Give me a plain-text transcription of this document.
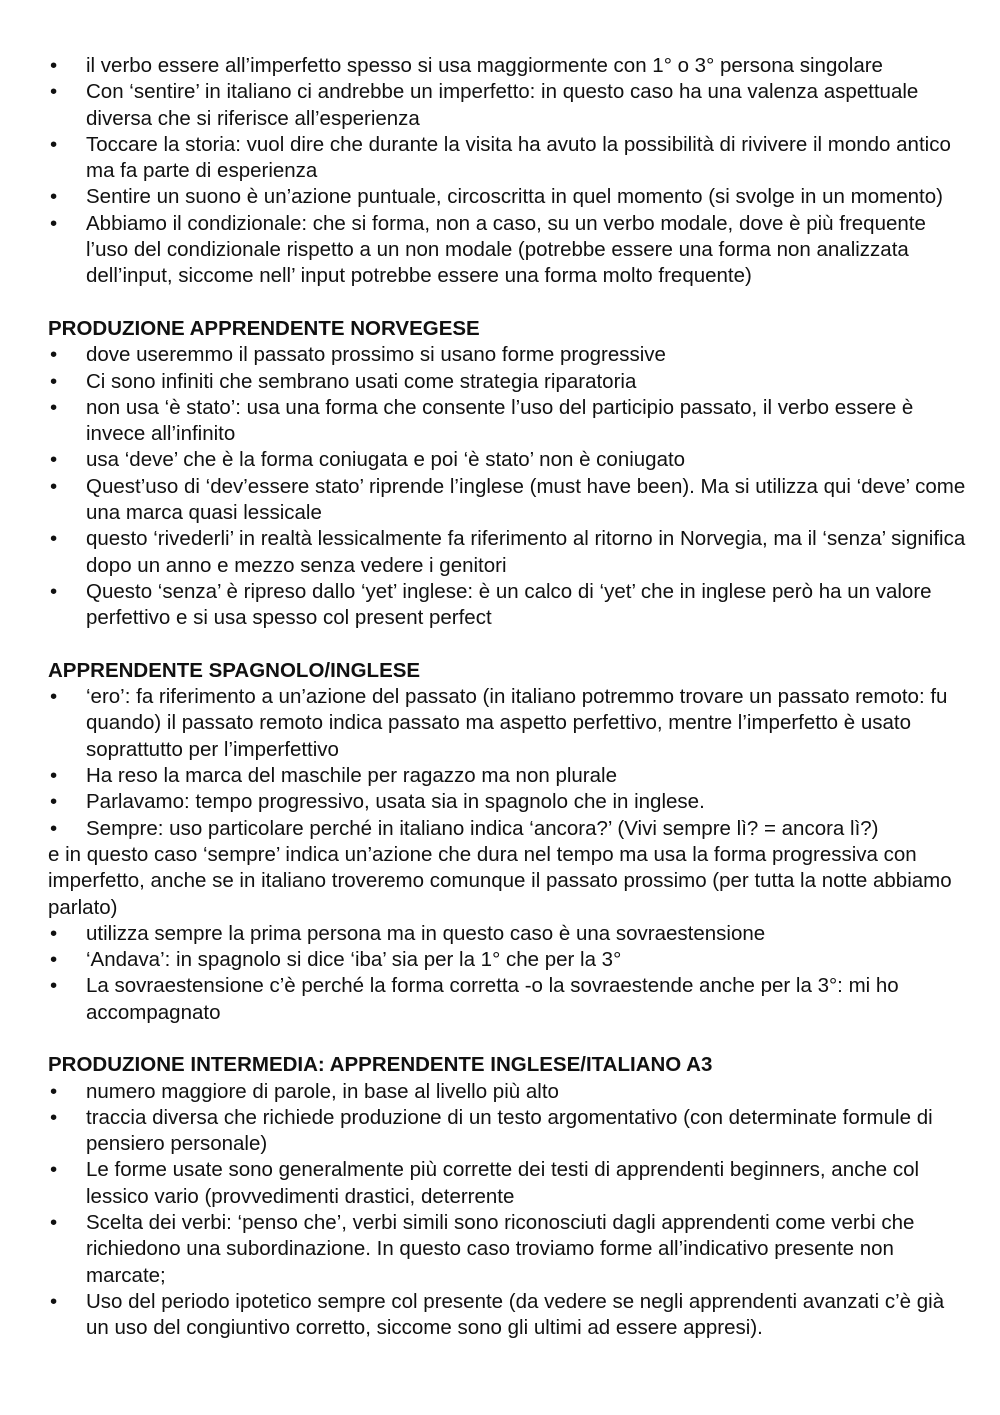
• il verbo essere all’imperfetto spesso si usa maggiormente con 1° o 3° persona singolare
• Con ‘sentire’ in italiano ci andrebbe un imperfetto: in questo caso ha una valenza aspettuale diversa che si riferisce all’esperienza
• Toccare la storia: vuol dire che durante la visita ha avuto la possibilità di rivivere il mondo antico ma fa parte di esperienza
• Sentire un suono è un’azione puntuale, circoscritta in quel momento (si svolge in un momento)
• Abbiamo il condizionale: che si forma, non a caso, su un verbo modale, dove è più frequente l’uso del condizionale rispetto a un non modale (potrebbe essere una forma non analizzata dell’input, siccome nell’ input potrebbe essere una forma molto frequente)

PRODUZIONE APPRENDENTE NORVEGESE

• dove useremmo il passato prossimo si usano forme progressive
• Ci sono infiniti che sembrano usati come strategia riparatoria
• non usa ‘è stato’: usa una forma che consente l’uso del participio passato, il verbo essere è invece all’infinito
• usa ‘deve’ che è la forma coniugata e poi ‘è stato’ non è coniugato
• Quest’uso di ‘dev’essere stato’ riprende l’inglese (must have been). Ma si utilizza qui ‘deve’ come una marca quasi lessicale
• questo ‘rivederli’ in realtà lessicalmente fa riferimento al ritorno in Norvegia, ma il ‘senza’ significa dopo un anno e mezzo senza vedere i genitori
• Questo ‘senza’ è ripreso dallo ‘yet’ inglese: è un calco di ‘yet’ che in inglese però ha un valore perfettivo e si usa spesso col present perfect

APPRENDENTE SPAGNOLO/INGLESE

• ‘ero’: fa riferimento a un’azione del passato (in italiano potremmo trovare un passato remoto: fu quando) il passato remoto indica passato ma aspetto perfettivo, mentre l’imperfetto è usato soprattutto per l’imperfettivo
• Ha reso la marca del maschile per ragazzo ma non plurale
• Parlavamo: tempo progressivo, usata sia in spagnolo che in inglese.
• Sempre: uso particolare perché in italiano indica ‘ancora?’ (Vivi sempre lì? = ancora lì?)

e in questo caso ‘sempre’ indica un’azione che dura nel tempo ma usa la forma progressiva con imperfetto, anche se in italiano troveremo comunque il passato prossimo (per tutta la notte abbiamo parlato)

• utilizza sempre la prima persona ma in questo caso è una sovraestensione
• ‘Andava’: in spagnolo si dice ‘iba’ sia per la 1° che per la 3°
• La sovraestensione c’è perché la forma corretta -o la sovraestende anche per la 3°: mi ho accompagnato

PRODUZIONE INTERMEDIA: APPRENDENTE INGLESE/ITALIANO A3

• numero maggiore di parole, in base al livello più alto
• traccia diversa che richiede produzione di un testo argomentativo (con determinate formule di pensiero personale)
• Le forme usate sono generalmente più corrette dei testi di apprendenti beginners, anche col lessico vario (provvedimenti drastici, deterrente
• Scelta dei verbi: ‘penso che’, verbi simili sono riconosciuti dagli apprendenti come verbi che richiedono una subordinazione. In questo caso troviamo forme all’indicativo presente non marcate;
• Uso del periodo ipotetico sempre col presente (da vedere se negli apprendenti avanzati c’è già un uso del congiuntivo corretto, siccome sono gli ultimi ad essere appresi).
